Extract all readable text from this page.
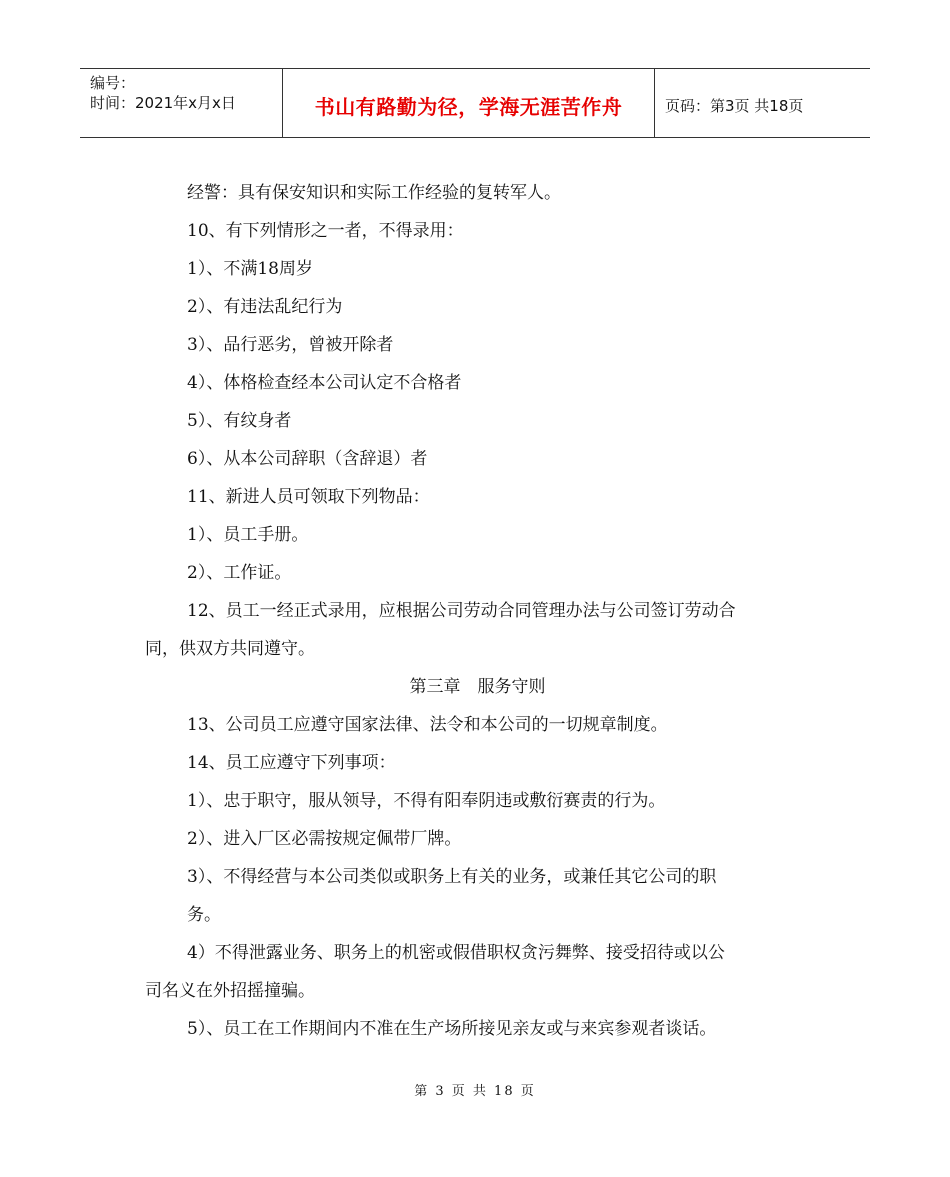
编号：
时间：2021年x月x日	书山有路勤为径，学海无涯苦作舟	页码：第3页 共18页
经警：具有保安知识和实际工作经验的复转军人。
10、有下列情形之一者，不得录用：
1）、不满18周岁
2）、有违法乱纪行为
3）、品行恶劣，曾被开除者
4）、体格检查经本公司认定不合格者
5）、有纹身者
6）、从本公司辞职（含辞退）者
11、新进人员可领取下列物品：
1）、员工手册。
2）、工作证。
12、员工一经正式录用，应根据公司劳动合同管理办法与公司签订劳动合
同，供双方共同遵守。
第三章　服务守则
13、公司员工应遵守国家法律、法令和本公司的一切规章制度。
14、员工应遵守下列事项：
1）、忠于职守，服从领导，不得有阳奉阴违或敷衍赛责的行为。
2）、进入厂区必需按规定佩带厂牌。
3）、不得经营与本公司类似或职务上有关的业务，或兼任其它公司的职
务。
4）不得泄露业务、职务上的机密或假借职权贪污舞弊、接受招待或以公
司名义在外招摇撞骗。
5）、员工在工作期间内不准在生产场所接见亲友或与来宾参观者谈话。
第 3 页 共 18 页
